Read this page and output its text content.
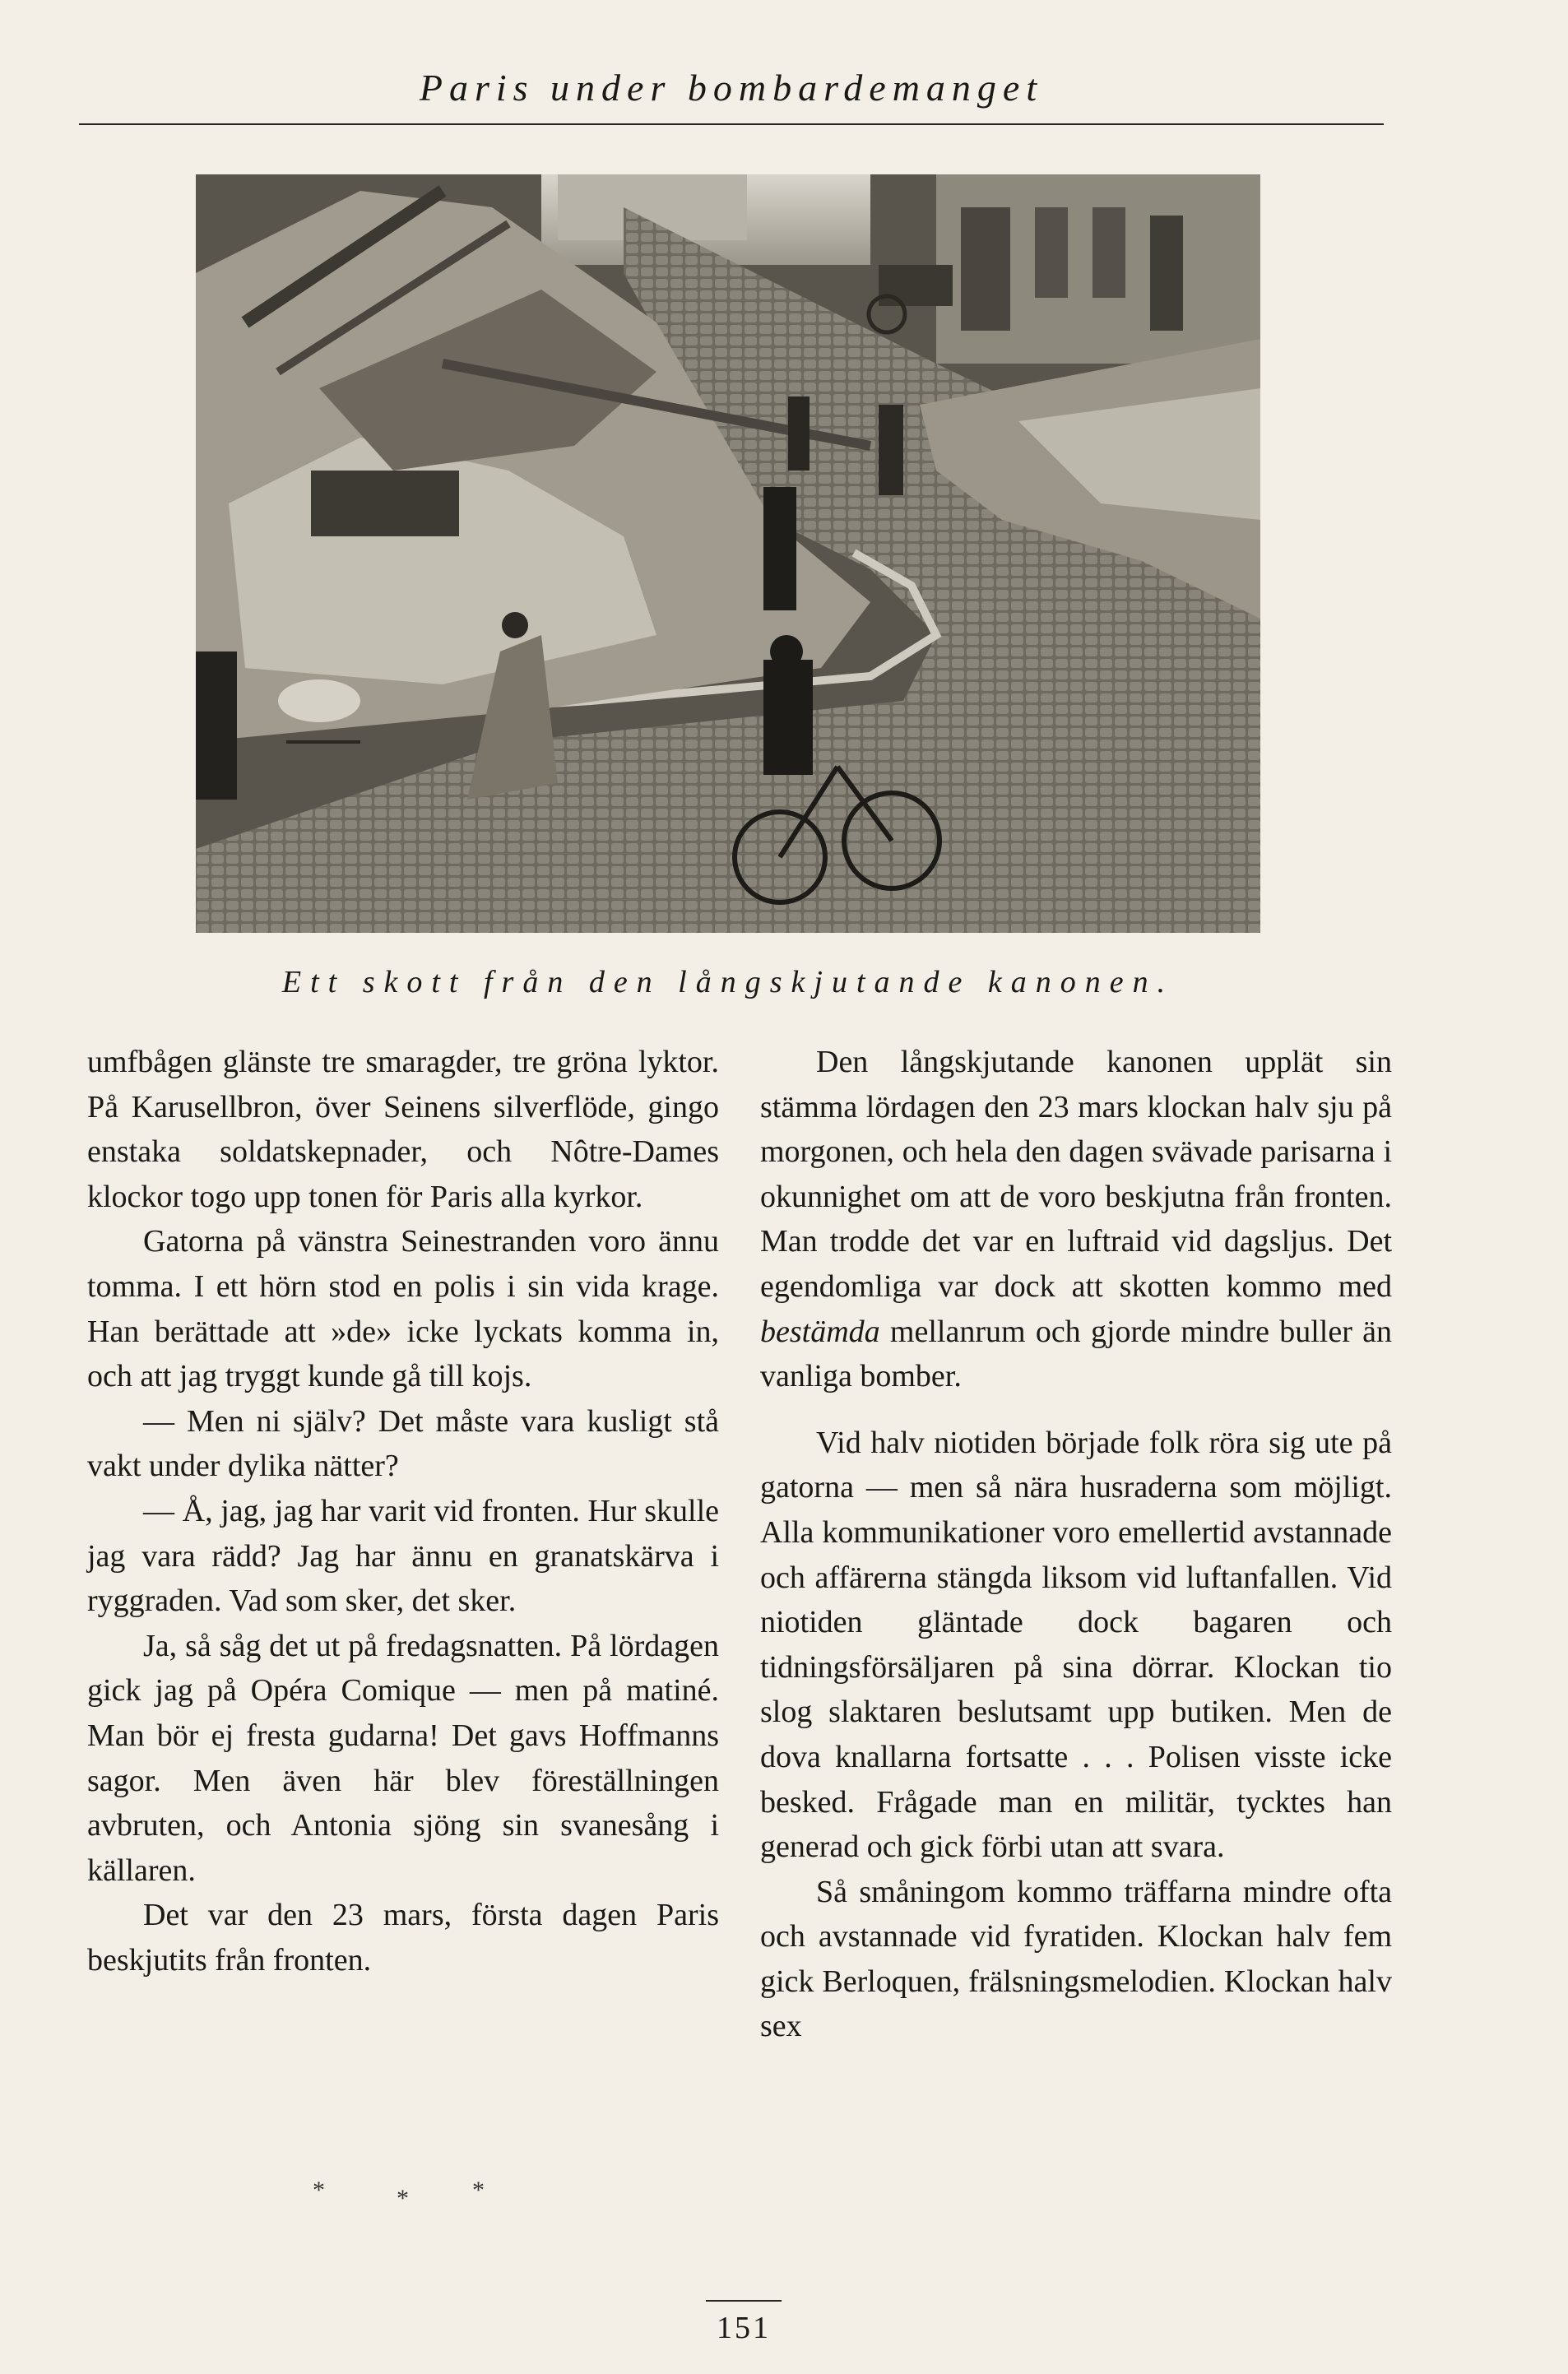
Paris under bombardemanget
Ett skott från den långskjutande kanonen.

umfbågen glänste tre smaragder, tre gröna lyktor. På Karusellbron, över Seinens silverflöde, gingo enstaka soldatskepnader, och Nôtre-Dames klockor togo upp tonen för Paris alla kyrkor.

Gatorna på vänstra Seinestranden voro ännu tomma. I ett hörn stod en polis i sin vida krage. Han berättade att »de» icke lyckats komma in, och att jag tryggt kunde gå till kojs.

— Men ni själv? Det måste vara kusligt stå vakt under dylika nätter?

— Å, jag, jag har varit vid fronten. Hur skulle jag vara rädd? Jag har ännu en granatskärva i ryggraden. Vad som sker, det sker.

Ja, så såg det ut på fredagsnatten. På lördagen gick jag på Opéra Comique — men på matiné. Man bör ej fresta gudarna! Det gavs Hoffmanns sagor. Men även här blev föreställningen avbruten, och Antonia sjöng sin svanesång i källaren.

Det var den 23 mars, första dagen Paris beskjutits från fronten.

*	*	*

Den långskjutande kanonen upplät sin stämma lördagen den 23 mars klockan halv sju på morgonen, och hela den dagen svävade parisarna i okunnighet om att de voro beskjutna från fronten. Man trodde det var en luftraid vid dagsljus. Det egendomliga var dock att skotten kommo med bestämda mellanrum och gjorde mindre buller än vanliga bomber.

Vid halv niotiden började folk röra sig ute på gatorna — men så nära husraderna som möjligt. Alla kommunikationer voro emellertid avstannade och affärerna stängda liksom vid luftanfallen. Vid niotiden gläntade dock bagaren och tidningsförsäljaren på sina dörrar. Klockan tio slog slaktaren beslutsamt upp butiken. Men de dova knallarna fortsatte . . . Polisen visste icke besked. Frågade man en militär, tycktes han generad och gick förbi utan att svara.

Så småningom kommo träffarna mindre ofta och avstannade vid fyratiden. Klockan halv fem gick Berloquen, frälsningsmelodien. Klockan halv sex

151
